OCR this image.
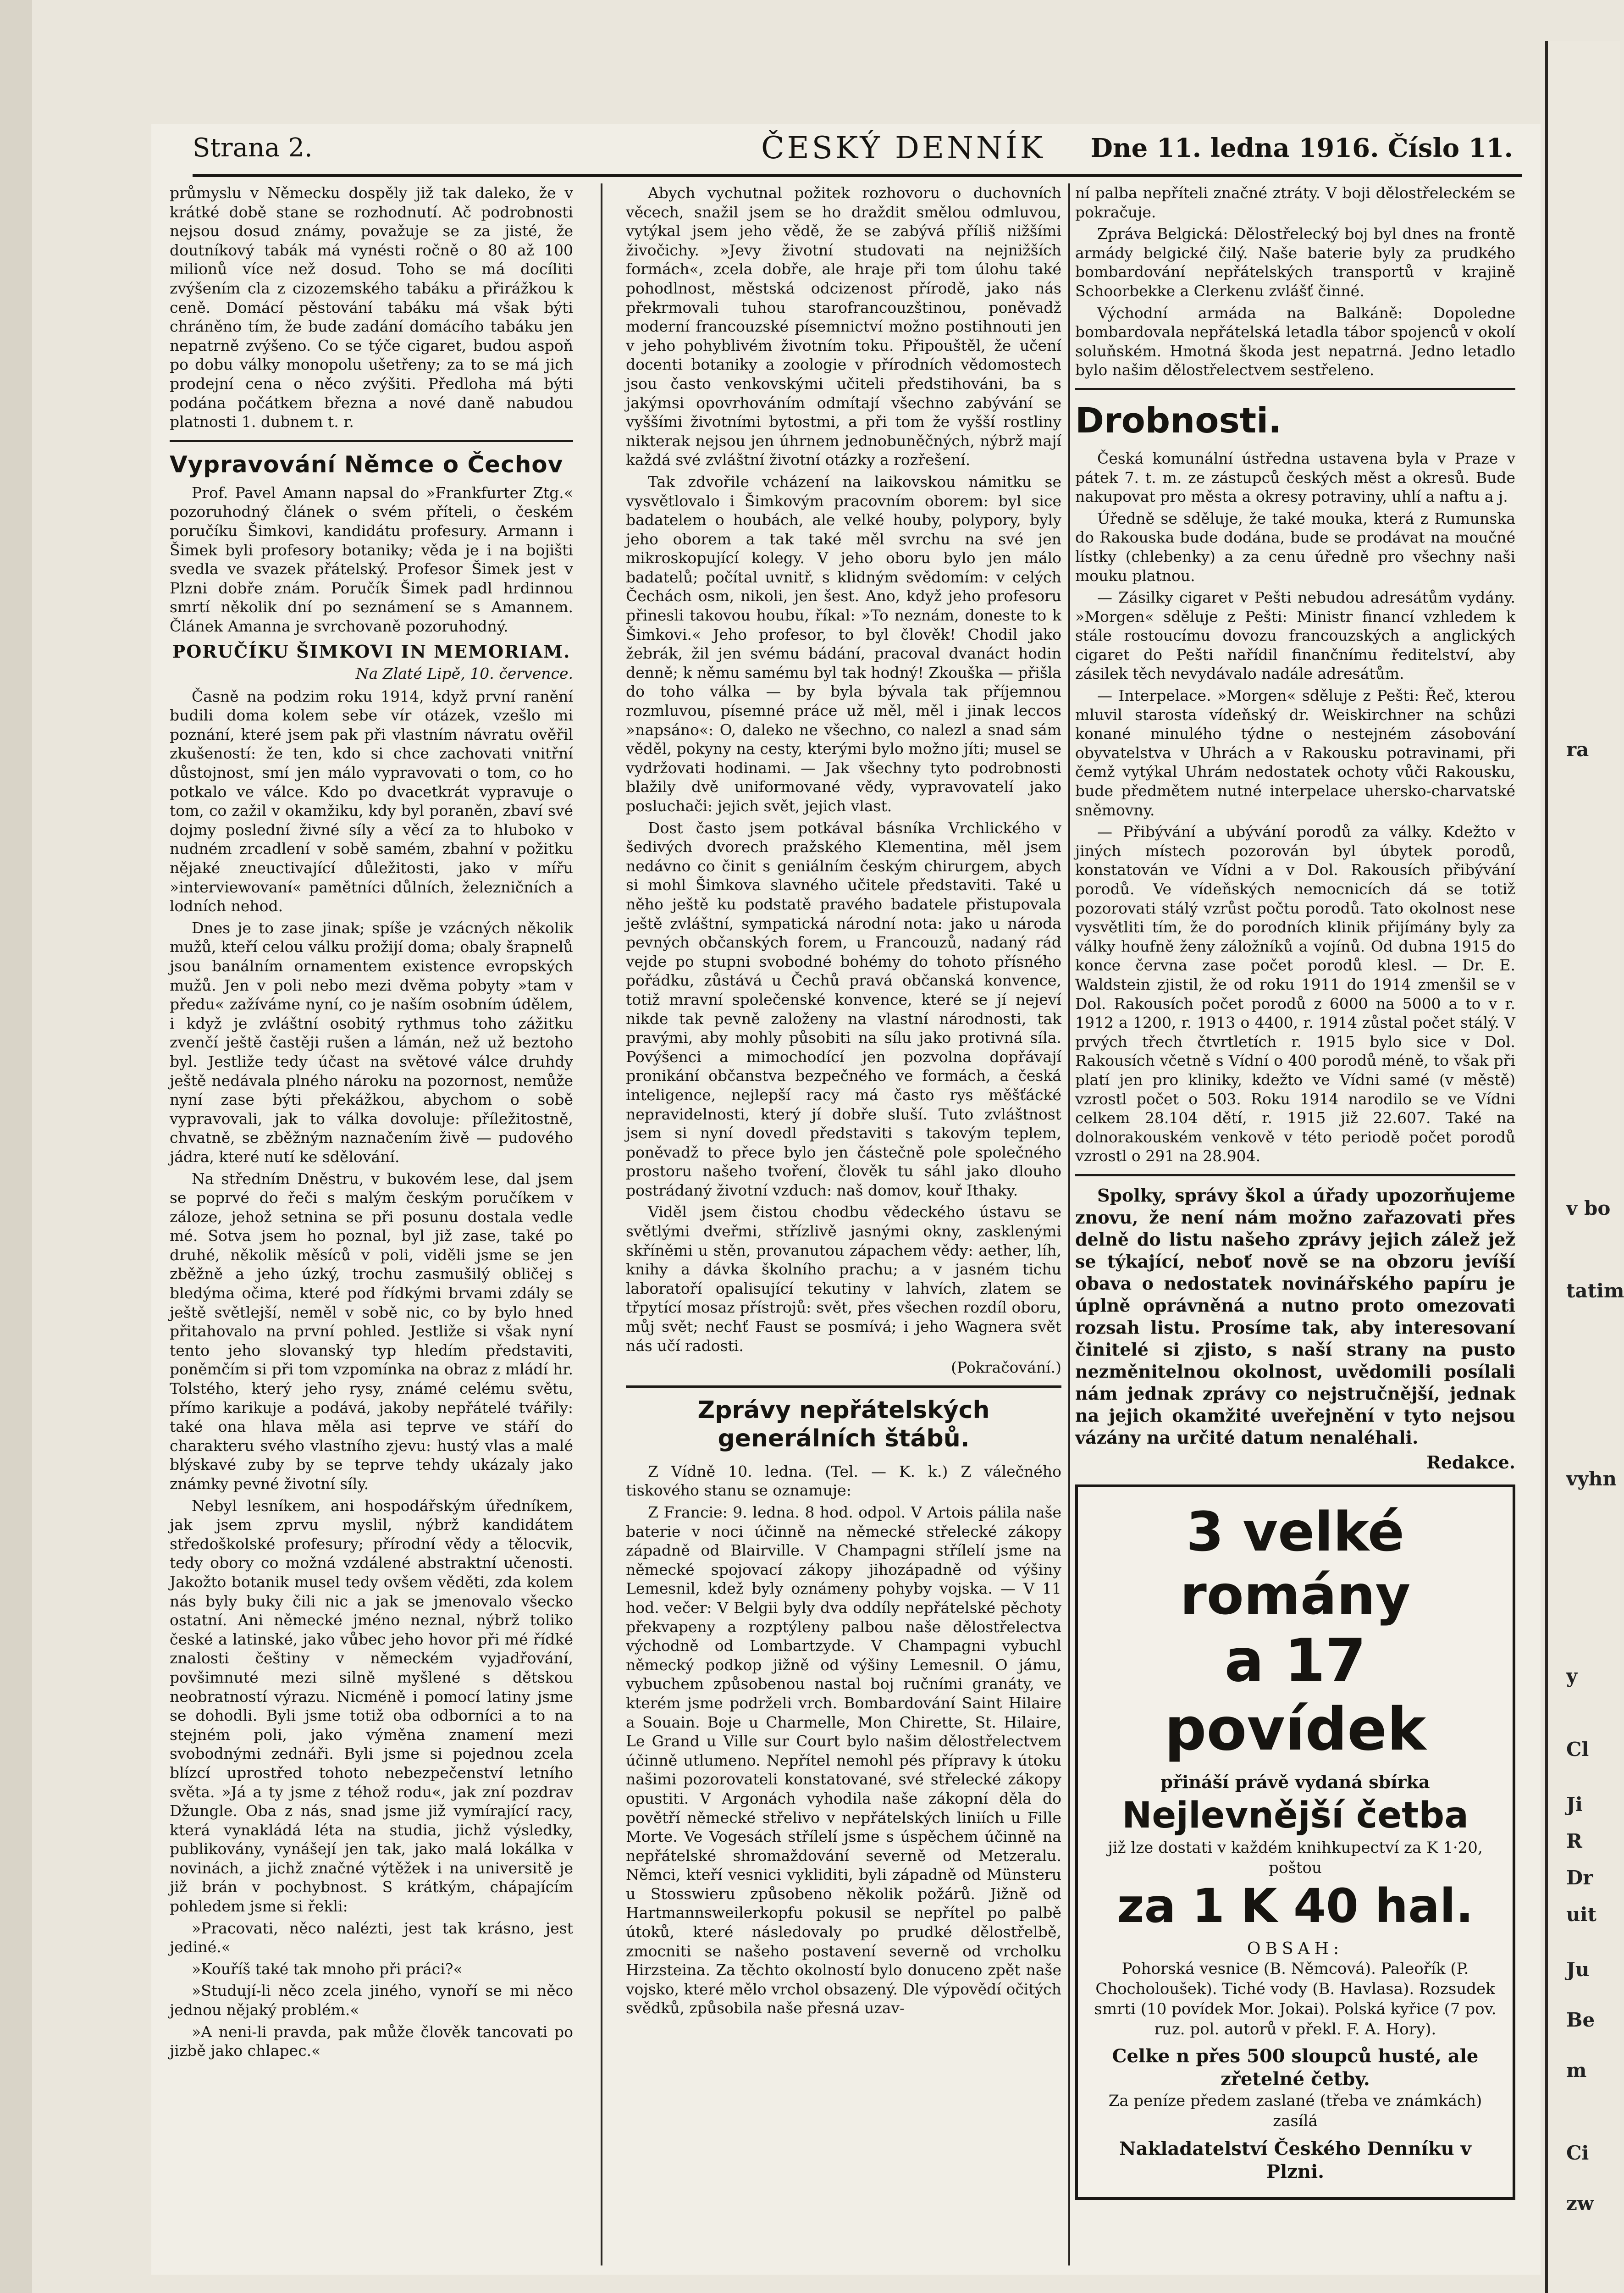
ra
v bo
tatim
vyhn
Ji
y
Cl
R
Dr
uit
Ju
Be
m
Ci
zw
Strana 2.	ČESKÝ DENNÍK Dne 11. ledna 1916. Číslo 11.

průmyslu v Německu dospěly již tak daleko, že v krátké době stane se rozhodnutí. Ač podrobnosti nejsou dosud známy, považuje se za jisté, že doutníkový tabák má vynésti ročně o 80 až 100 milionů více než dosud. Toho se má docíliti zvýšením cla z cizozemského tabáku a přirážkou k ceně. Domácí pěstování tabáku má však býti chráněno tím, že bude zadání domácího tabáku jen nepatrně zvýšeno. Co se týče cigaret, budou aspoň po dobu války monopolu ušetřeny; za to se má jich prodejní cena o něco zvýšiti. Předloha má býti podána počátkem března a nové daně nabudou platnosti 1. dubnem t. r.

Vypravování Němce o Čechov

Prof. Pavel Amann napsal do »Frankfurter Ztg.« pozoruhodný článek o svém příteli, o českém poručíku Šimkovi, kandidátu profesury. Armann i Šimek byli profesory botaniky; věda je i na bojišti svedla ve svazek přátelský. Profesor Šimek jest v Plzni dobře znám. Poručík Šimek padl hrdinnou smrtí několik dní po seznámení se s Amannem. Článek Amanna je svrchovaně pozoruhodný.

PORUČÍKU ŠIMKOVI IN MEMORIAM.
Na Zlaté Lipě, 10. července.

Časně na podzim roku 1914, když první ranění budili doma kolem sebe vír otázek, vzešlo mi poznání, které jsem pak při vlastním návratu ověřil zkušeností: že ten, kdo si chce zachovati vnitřní důstojnost, smí jen málo vypravovati o tom, co ho potkalo ve válce. Kdo po dvacetkrát vypravuje o tom, co zažil v okamžiku, kdy byl poraněn, zbaví své dojmy poslední živné síly a věcí za to hluboko v nudném zrcadlení v sobě samém, zbahní v požitku nějaké zneuctivající důležitosti, jako v mířu »interviewovaní« pamětníci důlních, železničních a lodních nehod.

Dnes je to zase jinak; spíše je vzácných několik mužů, kteří celou válku prožijí doma; obaly šrapnelů jsou banálním ornamentem existence evropských mužů. Jen v poli nebo mezi dvěma pobyty »tam v předu« zažíváme nyní, co je naším osobním údělem, i když je zvláštní osobitý rythmus toho zážitku zvenčí ještě častěji rušen a lámán, než už beztoho byl. Jestliže tedy účast na světové válce druhdy ještě nedávala plného nároku na pozornost, nemůže nyní zase býti překážkou, abychom o sobě vypravovali, jak to válka dovoluje: příležitostně, chvatně, se zběžným naznačením živě — pudového jádra, které nutí ke sdělování.

Na středním Dněstru, v bukovém lese, dal jsem se poprvé do řeči s malým českým poručíkem v záloze, jehož setnina se při posunu dostala vedle mé. Sotva jsem ho poznal, byl již zase, také po druhé, několik měsíců v poli, viděli jsme se jen zběžně a jeho úzký, trochu zasmušilý obličej s bledýma očima, které pod řídkými brvami zdály se ještě světlejší, neměl v sobě nic, co by bylo hned přitahovalo na první pohled. Jestliže si však nyní tento jeho slovanský typ hledím představiti, poněmčím si při tom vzpomínka na obraz z mládí hr. Tolstého, který jeho rysy, známé celému světu, přímo karikuje a podává, jakoby nepřátelé tvářily: také ona hlava měla asi teprve ve stáří do charakteru svého vlastního zjevu: hustý vlas a malé blýskavé zuby by se teprve tehdy ukázaly jako známky pevné životní síly.

Nebyl lesníkem, ani hospodářským úředníkem, jak jsem zprvu myslil, nýbrž kandidátem středoškolské profesury; přírodní vědy a tělocvik, tedy obory co možná vzdálené abstraktní učenosti. Jakožto botanik musel tedy ovšem věděti, zda kolem nás byly buky čili nic a jak se jmenovalo všecko ostatní. Ani německé jméno neznal, nýbrž toliko české a latinské, jako vůbec jeho hovor při mé řídké znalosti češtiny v německém vyjadřování, povšimnuté mezi silně myšlené s dětskou neobratností výrazu. Nicméně i pomocí latiny jsme se dohodli. Byli jsme totiž oba odborníci a to na stejném poli, jako výměna znamení mezi svobodnými zednáři. Byli jsme si pojednou zcela blízcí uprostřed tohoto nebezpečenství letního světa. »Já a ty jsme z téhož rodu«, jak zní pozdrav Džungle. Oba z nás, snad jsme již vymírající racy, která vynakládá léta na studia, jichž výsledky, publikovány, vynášejí jen tak, jako malá lokálka v novinách, a jichž značné výtěžek i na universitě je již brán v pochybnost. S krátkým, chápajícím pohledem jsme si řekli:

»Pracovati, něco nalézti, jest tak krásno, jest jediné.«

»Kouříš také tak mnoho při práci?«

»Studují-li něco zcela jiného, vynoří se mi něco jednou nějaký problém.«

»A neni-li pravda, pak může člověk tancovati po jizbě jako chlapec.«

Abych vychutnal požitek rozhovoru o duchovních věcech, snažil jsem se ho draždit smělou odmluvou, vytýkal jsem jeho vědě, že se zabývá příliš nižšími živočichy. »Jevy životní studovati na nejnižších formách«, zcela dobře, ale hraje při tom úlohu také pohodlnost, městská odcizenost přírodě, jako nás překrmovali tuhou starofrancouzštinou, poněvadž moderní francouzské písemnictví možno postihnouti jen v jeho pohyblivém životním toku. Připouštěl, že učení docenti botaniky a zoologie v přírodních vědomostech jsou často venkovskými učiteli předstihováni, ba s jakýmsi opovrhováním odmítají všechno zabývání se vyššími životními bytostmi, a při tom že vyšší rostliny nikterak nejsou jen úhrnem jednobuněčných, nýbrž mají každá své zvláštní životní otázky a rozřešení.

Tak zdvořile vcházení na laikovskou námitku se vysvětlovalo i Šimkovým pracovním oborem: byl sice badatelem o houbách, ale velké houby, polypory, byly jeho oborem a tak také měl svrchu na své jen mikroskopující kolegy. V jeho oboru bylo jen málo badatelů; počítal uvnitř, s klidným svědomím: v celých Čechách osm, nikoli, jen šest. Ano, když jeho profesoru přinesli takovou houbu, říkal: »To neznám, doneste to k Šimkovi.« Jeho profesor, to byl člověk! Chodil jako žebrák, žil jen svému bádání, pracoval dvanáct hodin denně; k němu samému byl tak hodný! Zkouška — přišla do toho válka — by byla bývala tak příjemnou rozmluvou, písemné práce už měl, měl i jinak leccos »napsáno«: O, daleko ne všechno, co nalezl a snad sám věděl, pokyny na cesty, kterými bylo možno jíti; musel se vydržovati hodinami. — Jak všechny tyto podrobnosti blažily dvě uniformované vědy, vypravovatelí jako posluchači: jejich svět, jejich vlast.

Dost často jsem potkával básníka Vrchlického v šedivých dvorech pražského Klementina, měl jsem nedávno co činit s geniálním českým chirurgem, abych si mohl Šimkova slavného učitele představiti. Také u něho ještě ku podstatě pravého badatele přistupovala ještě zvláštní, sympatická národní nota: jako u národa pevných občanských forem, u Francouzů, nadaný rád vejde po stupni svobodné bohémy do tohoto přísného pořádku, zůstává u Čechů pravá občanská konvence, totiž mravní společenské konvence, které se jí nejeví nikde tak pevně založeny na vlastní národnosti, tak pravými, aby mohly působiti na sílu jako protivná síla. Povýšenci a mimochodící jen pozvolna dopřávají pronikání občanstva bezpečného ve formách, a česká inteligence, nejlepší racy má často rys měšťácké nepravidelnosti, který jí dobře sluší. Tuto zvláštnost jsem si nyní dovedl představiti s takovým teplem, poněvadž to přece bylo jen částečně pole společného prostoru našeho tvoření, člověk tu sáhl jako dlouho postrádaný životní vzduch: naš domov, kouř Ithaky.

Viděl jsem čistou chodbu vědeckého ústavu se světlými dveřmi, střízlivě jasnými okny, zasklenými skříněmi u stěn, provanutou zápachem vědy: aether, líh, knihy a dávka školního prachu; a v jasném tichu laboratoří opalisující tekutiny v lahvích, zlatem se třpytící mosaz přístrojů: svět, přes všechen rozdíl oboru, můj svět; nechť Faust se posmívá; i jeho Wagnera svět nás učí radosti.

(Pokračování.)
Zprávy nepřátelských generálních štábů.

Z Vídně 10. ledna. (Tel. — K. k.) Z válečného tiskového stanu se oznamuje:

Z Francie: 9. ledna. 8 hod. odpol. V Artois pálila naše baterie v noci účinně na německé střelecké zákopy západně od Blairville. V Champagni střílelí jsme na německé spojovací zákopy jihozápadně od výšiny Lemesnil, kdež byly oznámeny pohyby vojska. — V 11 hod. večer: V Belgii byly dva oddíly nepřátelské pěchoty překvapeny a rozptýleny palbou naše dělostřelectva východně od Lombartzyde. V Champagni vybuchl německý podkop jižně od výšiny Lemesnil. O jámu, vybuchem způsobenou nastal boj ručními granáty, ve kterém jsme podrželi vrch. Bombardování Saint Hilaire a Souain. Boje u Charmelle, Mon Chirette, St. Hilaire, Le Grand u Ville sur Court bylo našim dělostřelectvem účinně utlumeno. Nepřítel nemohl pés přípravy k útoku našimi pozorovateli konstatované, své střelecké zákopy opustiti. V Argonách vyhodila naše zákopní děla do povětří německé střelivo v nepřátelských liniích u Fille Morte. Ve Vogesách střílelí jsme s úspěchem účinně na nepřátelské shromaždování severně od Metzeralu. Němci, kteří vesnici vykliditi, byli západně od Münsteru u Stosswieru způsobeno několik požárů. Jižně od Hartmannsweilerkopfu pokusil se nepřítel po palbě útoků, které následovaly po prudké dělostřelbě, zmocniti se našeho postavení severně od vrcholku Hirzsteina. Za těchto okolností bylo donuceno zpět naše vojsko, které mělo vrchol obsazený. Dle výpovědí očitých svědků, způsobila naše přesná uzav-

ní palba nepříteli značné ztráty. V boji dělostřeleckém se pokračuje.

Zpráva Belgická: Dělostřelecký boj byl dnes na frontě armády belgické čilý. Naše baterie byly za prudkého bombardování nepřátelských transportů v krajině Schoorbekke a Clerkenu zvlášť činné.

Východní armáda na Balkáně: Dopoledne bombardovala nepřátelská letadla tábor spojenců v okolí soluňském. Hmotná škoda jest nepatrná. Jedno letadlo bylo našim dělostřelectvem sestřeleno.

Drobnosti.

Česká komunální ústředna ustavena byla v Praze v pátek 7. t. m. ze zástupců českých měst a okresů. Bude nakupovat pro města a okresy potraviny, uhlí a naftu a j.

Úředně se sděluje, že také mouka, která z Rumunska do Rakouska bude dodána, bude se prodávat na moučné lístky (chlebenky) a za cenu úředně pro všechny naši mouku platnou.

— Zásilky cigaret v Pešti nebudou adresátům vydány. »Morgen« sděluje z Pešti: Ministr financí vzhledem k stále rostoucímu dovozu francouzských a anglických cigaret do Pešti nařídil finančnímu ředitelství, aby zásilek těch nevydávalo nadále adresátům.

— Interpelace. »Morgen« sděluje z Pešti: Řeč, kterou mluvil starosta vídeňský dr. Weiskirchner na schůzi konané minulého týdne o nestejném zásobování obyvatelstva v Uhrách a v Rakousku potravinami, při čemž vytýkal Uhrám nedostatek ochoty vůči Rakousku, bude předmětem nutné interpelace uhersko-charvatské sněmovny.

— Přibývání a ubývání porodů za války. Kdežto v jiných místech pozorován byl úbytek porodů, konstatován ve Vídni a v Dol. Rakousích přibývání porodů. Ve vídeňských nemocnicích dá se totiž pozorovati stálý vzrůst počtu porodů. Tato okolnost nese vysvětliti tím, že do porodních klinik přijímány byly za války houfně ženy záložníků a vojínů. Od dubna 1915 do konce června zase počet porodů klesl. — Dr. E. Waldstein zjistil, že od roku 1911 do 1914 zmenšil se v Dol. Rakousích počet porodů z 6000 na 5000 a to v r. 1912 a 1200, r. 1913 o 4400, r. 1914 zůstal počet stálý. V prvých třech čtvrtletích r. 1915 bylo sice v Dol. Rakousích včetně s Vídní o 400 porodů méně, to však při platí jen pro kliniky, kdežto ve Vídni samé (v městě) vzrostl počet o 503. Roku 1914 narodilo se ve Vídni celkem 28.104 dětí, r. 1915 již 22.607. Také na dolnorakouském venkově v této periodě počet porodů vzrostl o 291 na 28.904.

Spolky, správy škol a úřady upozorňujeme znovu, že není nám možno zařazovati přes delně do listu našeho zprávy jejich zálež jež se týkající, neboť nově se na obzoru jevíší obava o nedostatek novinářského papíru je úplně oprávněná a nutno proto omezovati rozsah listu. Prosíme tak, aby interesovaní činitelé si zjisto, s naší strany na pusto nezměnitelnou okolnost, uvědomili posílali nám jednak zprávy co nejstručnější, jednak na jejich okamžité uveřejnění v tyto nejsou vázány na určité datum nenaléhali.

Redakce.
3 velké romány
a 17 povídek
přináší právě vydaná sbírka
Nejlevnější četba
již lze dostati v každém knihkupectví za K 1·20, poštou
za 1 K 40 hal.
OBSAH:
Pohorská vesnice (B. Němcová). Paleořík (P. Chocholoušek). Tiché vody (B. Havlasa). Rozsudek smrti (10 povídek Mor. Jokai). Polská kyřice (7 pov. ruz. pol. autorů v překl. F. A. Hory).
Celke n přes 500 sloupců husté, ale zřetelné četby.
Za peníze předem zaslané (třeba ve známkách) zasílá
Nakladatelství Českého Denníku v Plzni.
